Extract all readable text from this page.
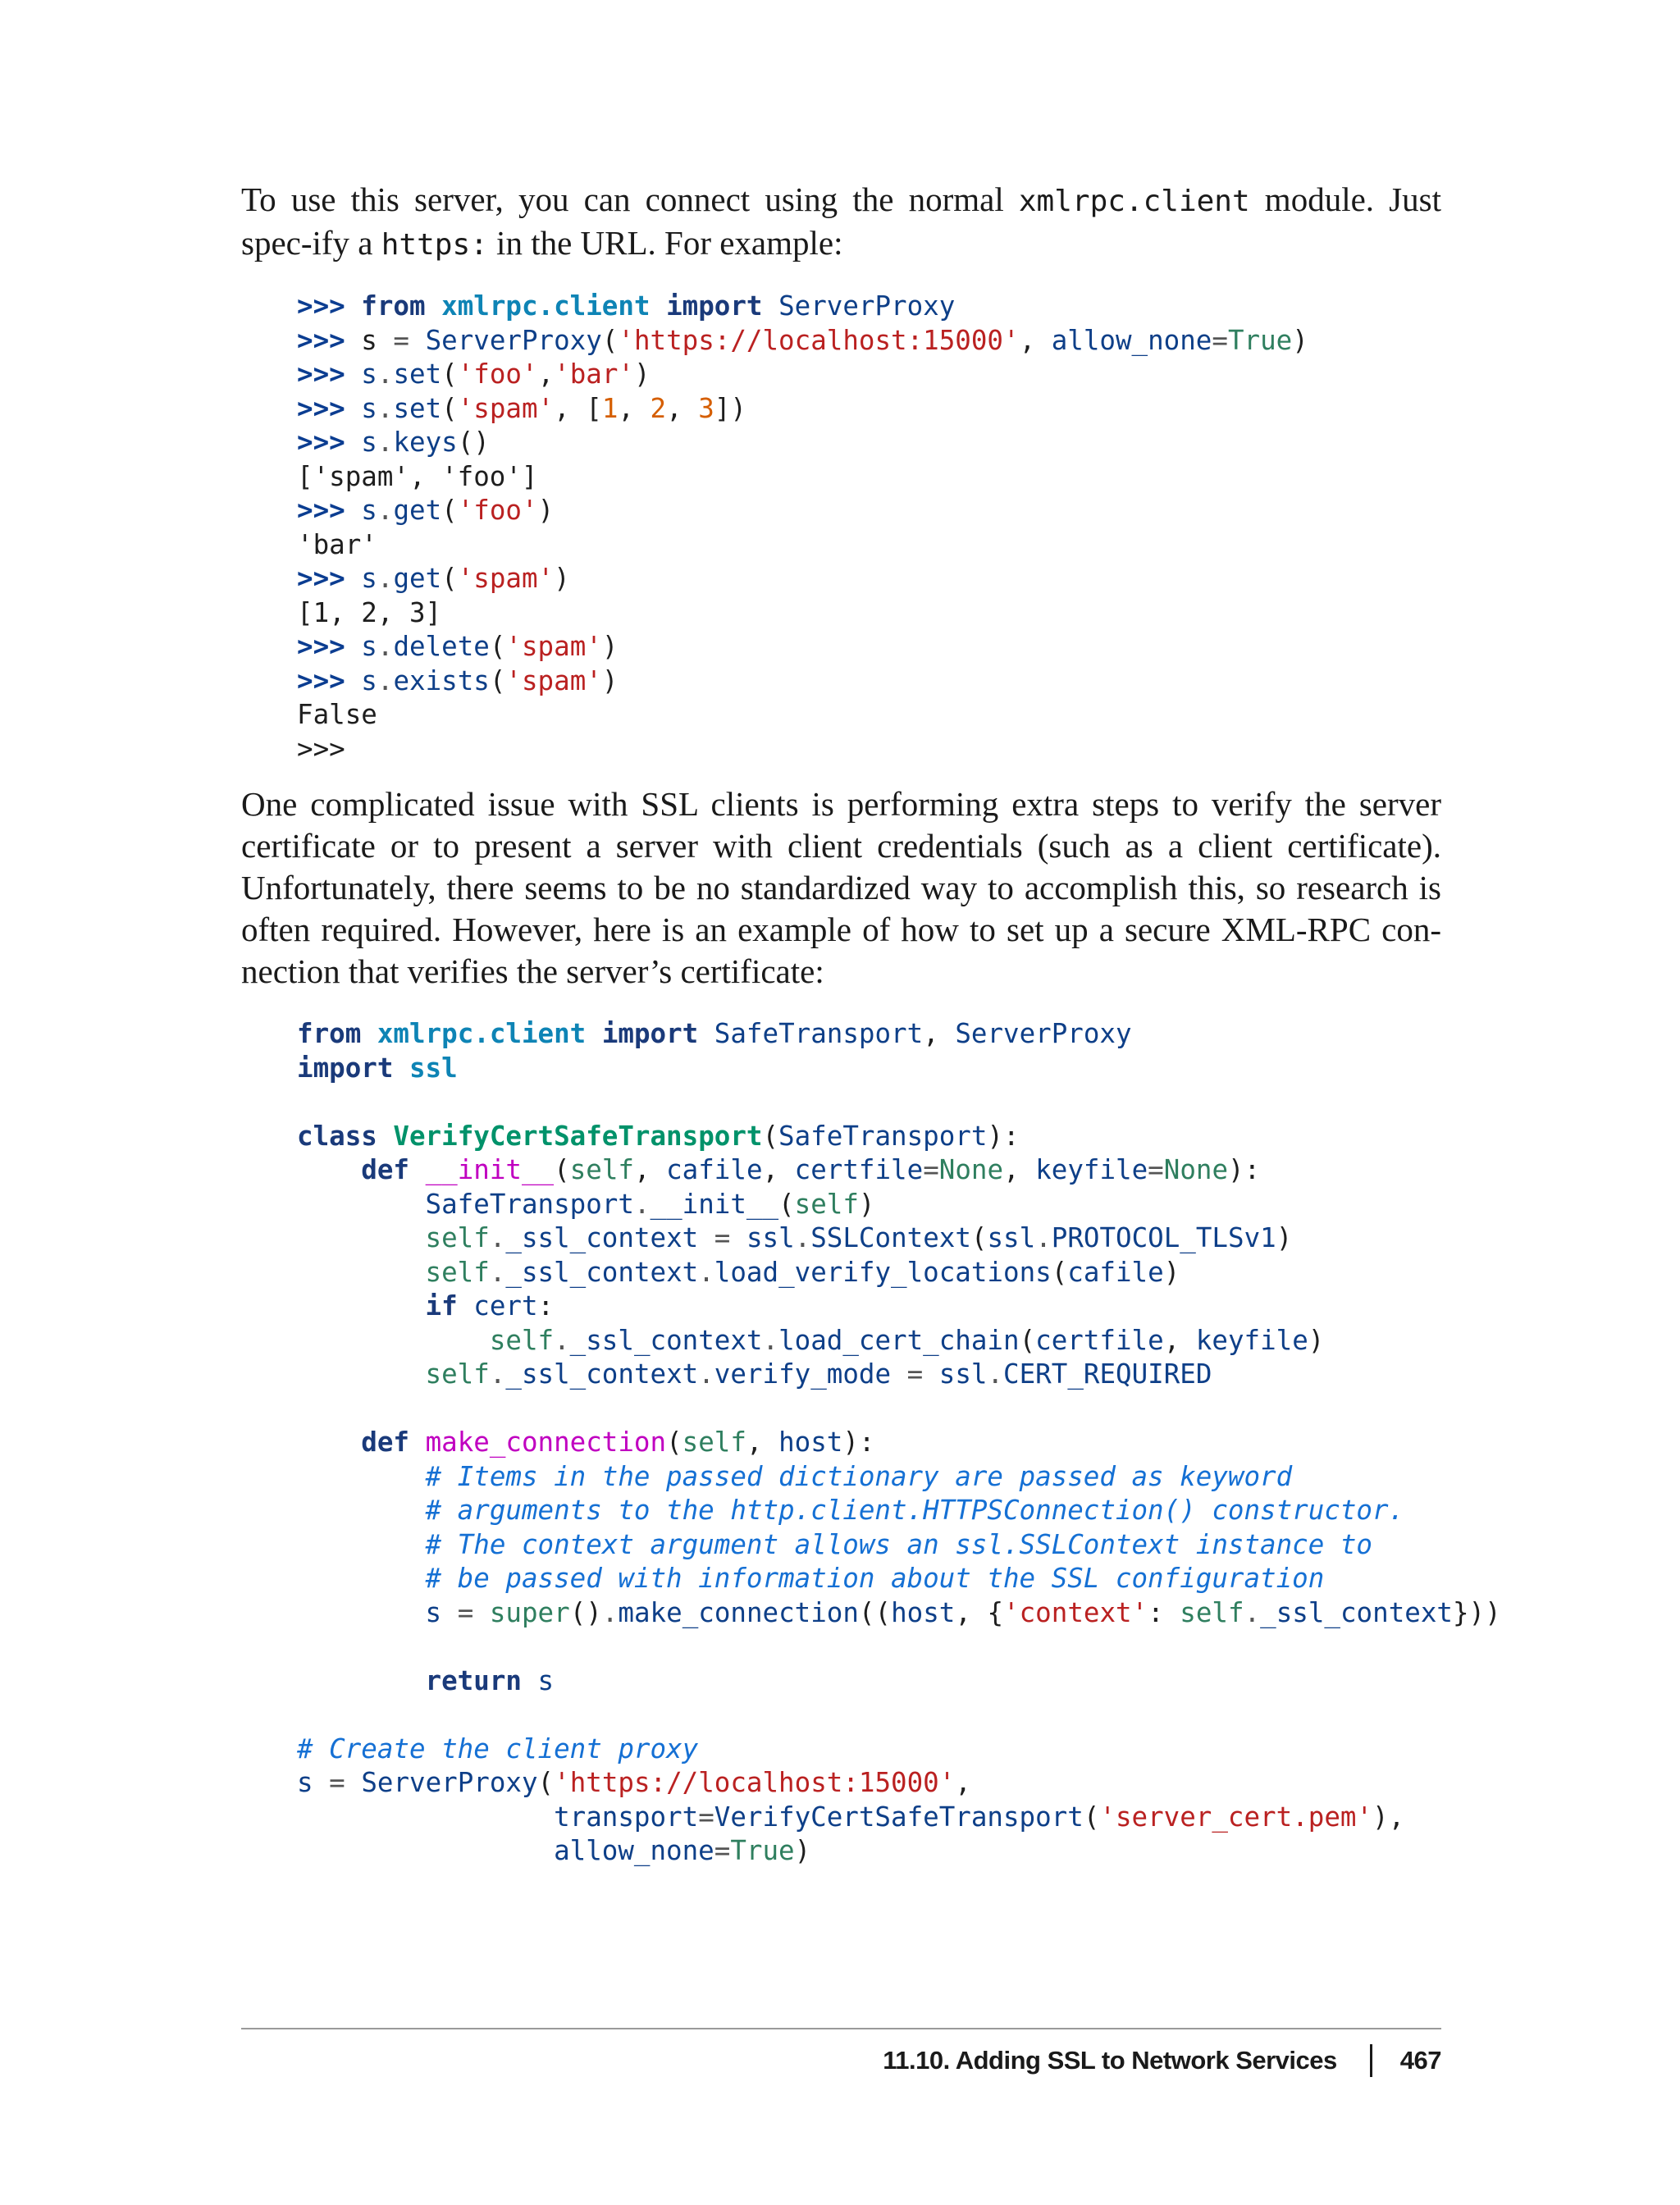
To use this server, you can connect using the normal xmlrpc.client module. Just spec-ify a https: in the URL. For example:

>>> from xmlrpc.client import ServerProxy
>>> s = ServerProxy('https://localhost:15000', allow_none=True)
>>> s.set('foo','bar')
>>> s.set('spam', [1, 2, 3])
>>> s.keys()
['spam', 'foo']
>>> s.get('foo')
'bar'
>>> s.get('spam')
[1, 2, 3]
>>> s.delete('spam')
>>> s.exists('spam')
False
>>>

One complicated issue with SSL clients is performing extra steps to verify the server certificate or to present a server with client credentials (such as a client certificate). Unfortunately, there seems to be no standardized way to accomplish this, so research is often required. However, here is an example of how to set up a secure XML-RPC con-nection that verifies the server’s certificate:

from xmlrpc.client import SafeTransport, ServerProxy
import ssl
class VerifyCertSafeTransport(SafeTransport):
def __init__(self, cafile, certfile=None, keyfile=None):
SafeTransport.__init__(self)
self._ssl_context = ssl.SSLContext(ssl.PROTOCOL_TLSv1)
self._ssl_context.load_verify_locations(cafile)
if cert:
self._ssl_context.load_cert_chain(certfile, keyfile)
self._ssl_context.verify_mode = ssl.CERT_REQUIRED
def make_connection(self, host):
# Items in the passed dictionary are passed as keyword
# arguments to the http.client.HTTPSConnection() constructor.
# The context argument allows an ssl.SSLContext instance to
# be passed with information about the SSL configuration
s = super().make_connection((host, {'context': self._ssl_context}))
return s
# Create the client proxy
s = ServerProxy('https://localhost:15000',
transport=VerifyCertSafeTransport('server_cert.pem'),
allow_none=True)
11.10. Adding SSL to Network Services 467
